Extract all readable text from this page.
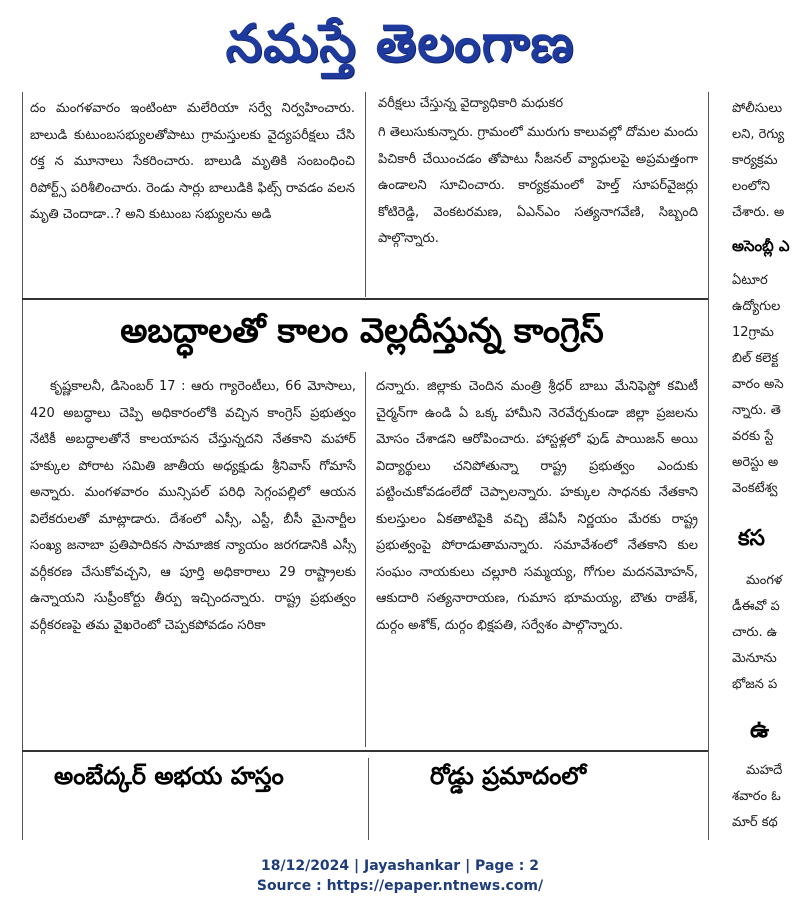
నమస్తే తెలంగాణ

దం మంగళవారం ఇంటింటా మలేరియా సర్వే నిర్వహించారు. బాలుడి కుటుంబసభ్యులతోపాటు గ్రామస్తులకు వైద్యపరీక్షలు చేసి రక్త న మూనాలు సేకరించారు. బాలుడి మృతికి సంబంధించి రిపోర్ట్స్ పరిశీలించారు. రెండు సార్లు బాలుడికి ఫిట్స్ రావడం వలన మృతి చెందాడా..? అని కుటుంబ సభ్యులను అడి

వరీక్షలు చేస్తున్న వైద్యాధికారి మధుకర

గి తెలుసుకున్నారు. గ్రామంలో మురుగు కాలువల్లో దోమల మందు పిచికారీ చేయించడం తోపాటు సీజనల్ వ్యాధులపై అప్రమత్తంగా ఉండాలని సూచించారు. కార్యక్రమంలో హెల్త్ సూపర్‌వైజర్లు కోటిరెడ్డి, వెంకటరమణ, ఏఎన్ఎం సత్యనాగవేణి, సిబ్బంది పాల్గొన్నారు.

అబద్ధాలతో కాలం వెల్లదీస్తున్న కాంగ్రెస్

కృష్ణకాలనీ, డిసెంబర్ 17 : ఆరు గ్యారెంటీలు, 66 మోసాలు, 420 అబద్ధాలు చెప్పి అధికారంలోకి వచ్చిన కాంగ్రెస్ ప్రభుత్వం నేటికీ అబద్ధాలతోనే కాలయాపన చేస్తున్నదని నేతకాని మహార్ హక్కుల పోరాట సమితి జాతీయ అధ్యక్షుడు శ్రీనివాస్ గోమాసే అన్నారు. మంగళవారం మున్సిపల్ పరిధి సెగ్గంపల్లిలో ఆయన విలేకరులతో మాట్లాడారు. దేశంలో ఎస్సీ, ఎస్టీ, బీసీ మైనార్టీల సంఖ్య జనాబా ప్రతిపాదికన సామాజిక న్యాయం జరగడానికి ఎస్సీ వర్గీకరణ చేసుకోవచ్చని, ఆ పూర్తి అధికారాలు 29 రాష్ట్రాలకు ఉన్నాయని సుప్రీంకోర్టు తీర్పు ఇచ్చిందన్నారు. రాష్ట్ర ప్రభుత్వం వర్గీకరణపై తమ వైఖరెంటో చెప్పకపోవడం సరికా

దన్నారు. జిల్లాకు చెందిన మంత్రి శ్రీధర్ బాబు మేనిఫెస్టో కమిటీ చైర్మన్‌గా ఉండి ఏ ఒక్క హామీని నెరవేర్చకుండా జిల్లా ప్రజలను మోసం చేశాడని ఆరోపించారు. హాస్టళ్లలో ఫుడ్ పాయిజన్ అయి విద్యార్థులు చనిపోతున్నా రాష్ట్ర ప్రభుత్వం ఎందుకు పట్టించుకోవడంలేదో చెప్పాలన్నారు. హక్కుల సాధనకు నేతకాని కులస్తులం ఏకతాటిపైకి వచ్చి జేఏసీ నిర్ణయం మేరకు రాష్ట్ర ప్రభుత్వంపై పోరాడుతామన్నారు. సమావేశంలో నేతకాని కుల సంఘం నాయకులు చల్లూరి సమ్మయ్య, గోగుల మదనమోహన్, ఆకుదారి సత్యనారాయణ, గుమాస భూమయ్య, బౌతు రాజేశ్, దుర్గం అశోక్, దుర్గం భిక్షపతి, సర్వేశం పాల్గొన్నారు.

అంబేద్కర్ అభయ హస్తం	రోడ్డు ప్రమాదంలో
పోలీసులు
లని, రెగ్యు
కార్యక్రమ
లంలోని
చేశారు. అ
అసెంబ్లీ ఎ
ఏటూర
ఉద్యోగుల
12గ్రామ
బిల్ కలెక్ట
వారం అసె
న్నారు. తె
వరకు స్టే
అరెస్టు అ
వెంకటేశ్వ
కస
మంగళ
డీఈవో ప
చారు. ఉ
మెనూను
భోజన ప
ఉ
మహదే
శవారం ఓ
మార్ కథ
18/12/2024 | Jayashankar | Page : 2
Source : https://epaper.ntnews.com/
